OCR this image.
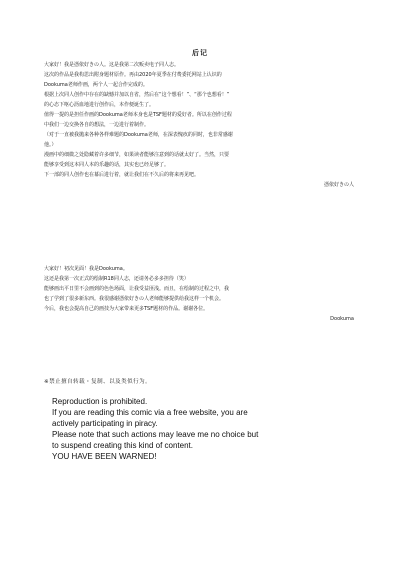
后记

大家好！我是憑依好きの人。这是我第二次贩卖电子同人志。

这次的作品是我构思出附身题材原作。再由2020年夏季在付费委托网站上认识的

Dookuma老师作画，两个人一起合作完成的。

根据上次同人创作中存在的缺憾并加以自省，然后在“这个想看！”、“那个也想看！”

的心态下呕心沥血地进行创作后，本作便诞生了。

值得一提的是担任作画的Dookuma老师本身也是TSF题材的爱好者。所以在创作过程

中我们一边交换各自的想法，一边进行着制作。

（对于一直被我抛来各种各样难题的Dookuma老师，在深表愧疚的同时，也非常感谢

他。）

漫画中的细微之处隐藏着许多细节，如果读者能够注意到的话就太好了。当然，只要

能够享受到这本同人本的乐趣的话，其实也已经足够了。

下一部的同人创作也在幕后进行着，就让我们在不久后的将来再见吧。

憑依好きの人

大家好！初次见面！我是Dookuma。

这还是我第一次正式的绘制R18同人志，还请务必多多担待（笑）

能够画出平日里不会画到的色色场面，让我受益匪浅。而且，在绘制的过程之中，我

也了学到了很多新东西。我很感谢憑依好きの人老师能够提供给我这样一个机会。

今后，我也会提高自己的画技为大家带来更多TSF题材的作品。谢谢各位。

Dookuma

※禁止擅自转载・复制、以及类似行为。

Reproduction is prohibited.

If you are reading this comic via a free website, you are

actively participating in piracy.

Please note that such actions may leave me no choice but

to suspend creating this kind of content.

YOU HAVE BEEN WARNED!
